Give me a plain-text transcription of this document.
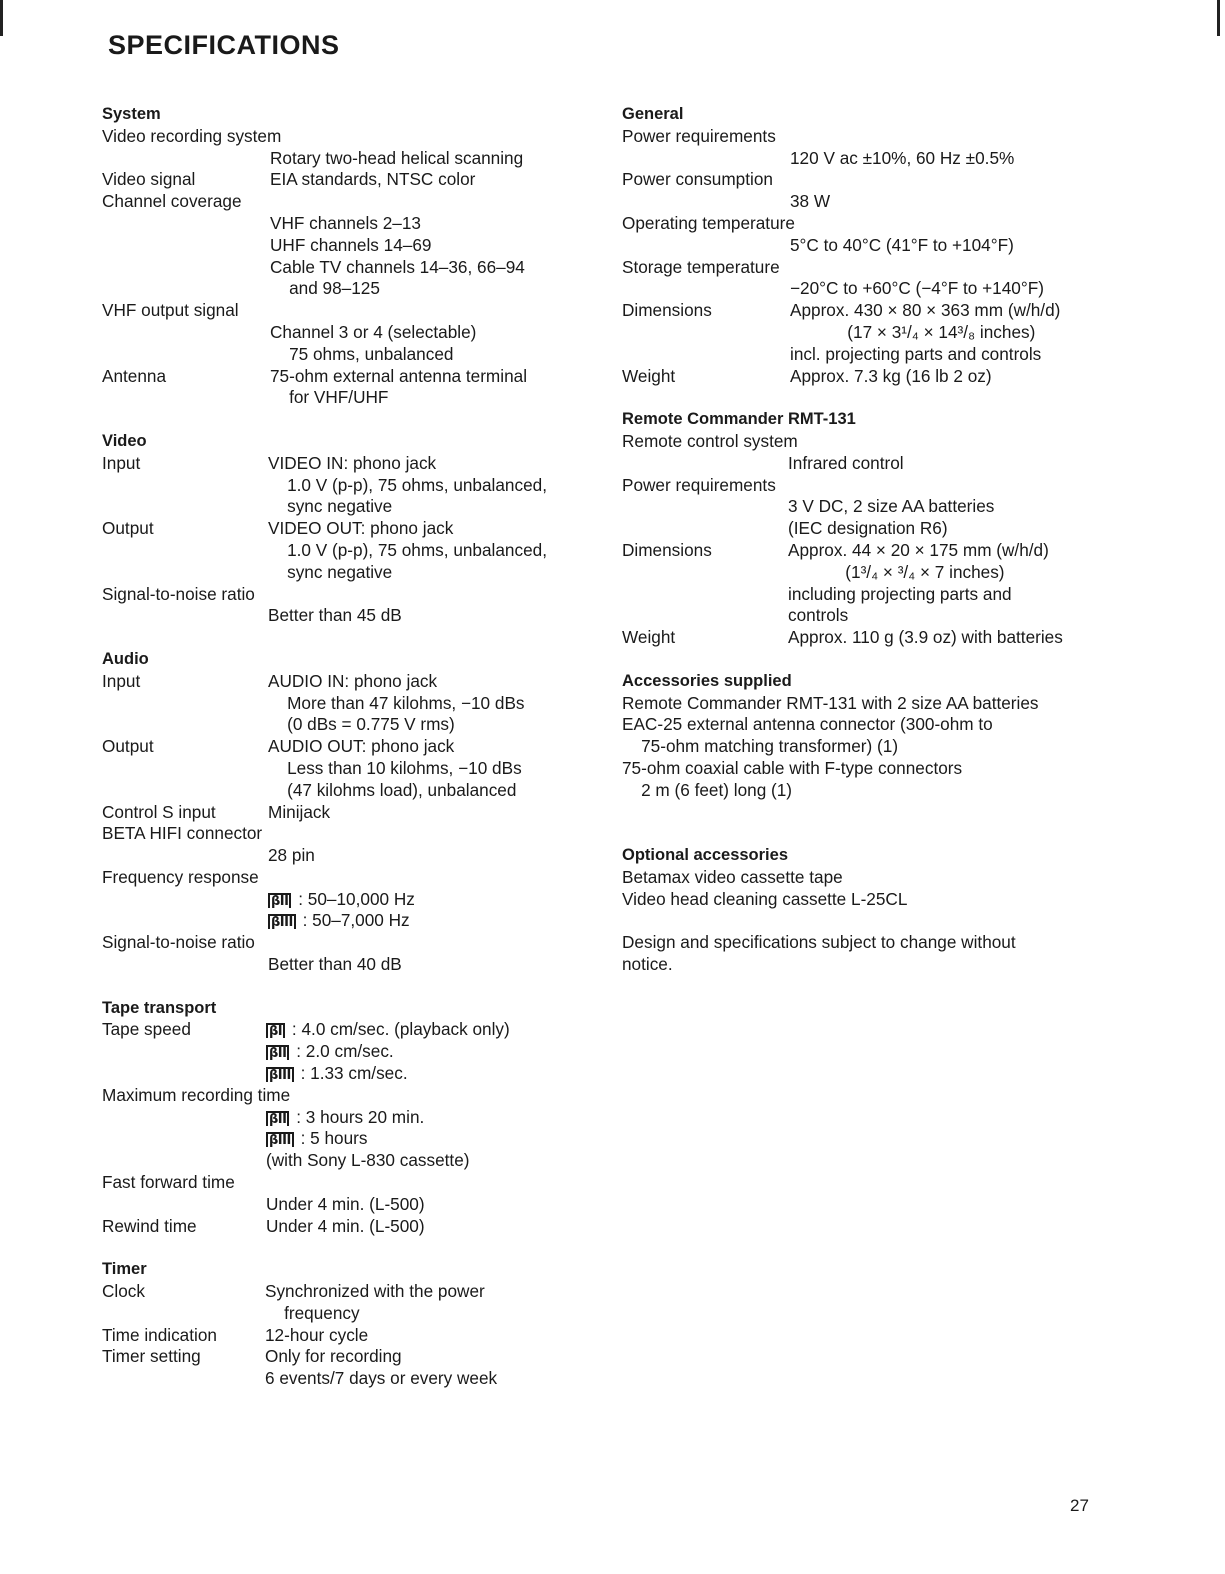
SPECIFICATIONS
System
Video recording system
Rotary two-head helical scanning
Video signal	EIA standards, NTSC color
Channel coverage
VHF channels 2–13
UHF channels 14–69
Cable TV channels 14–36, 66–94
and 98–125
VHF output signal
Channel 3 or 4 (selectable)
75 ohms, unbalanced
Antenna	75-ohm external antenna terminal
for VHF/UHF
Video
Input	VIDEO IN: phono jack
1.0 V (p-p), 75 ohms, unbalanced,
sync negative
Output	VIDEO OUT: phono jack
1.0 V (p-p), 75 ohms, unbalanced,
sync negative
Signal-to-noise ratio
Better than 45 dB
Audio
Input	AUDIO IN: phono jack
More than 47 kilohms, −10 dBs
(0 dBs = 0.775 V rms)
Output	AUDIO OUT: phono jack
Less than 10 kilohms, −10 dBs
(47 kilohms load), unbalanced
Control S input	Minijack
BETA HIFI connector
28 pin
Frequency response
βII : 50–10,000 Hz
βIII : 50–7,000 Hz
Signal-to-noise ratio
Better than 40 dB
Tape transport
Tape speed	βI : 4.0 cm/sec. (playback only)
βII : 2.0 cm/sec.
βIII : 1.33 cm/sec.
Maximum recording time
βII : 3 hours 20 min.
βIII : 5 hours
(with Sony L-830 cassette)
Fast forward time
Under 4 min. (L-500)
Rewind time	Under 4 min. (L-500)
Timer
Clock	Synchronized with the power
frequency
Time indication	12-hour cycle
Timer setting	Only for recording
6 events/7 days or every week
General
Power requirements
120 V ac ±10%, 60 Hz ±0.5%
Power consumption
38 W
Operating temperature
5°C to 40°C (41°F to +104°F)
Storage temperature
−20°C to +60°C (−4°F to +140°F)
Dimensions	Approx. 430 × 80 × 363 mm (w/h/d)
(17 × 3¹/₄ × 14³/₈ inches)
incl. projecting parts and controls
Weight	Approx. 7.3 kg (16 lb 2 oz)
Remote Commander RMT-131
Remote control system
Infrared control
Power requirements
3 V DC, 2 size AA batteries
(IEC designation R6)
Dimensions	Approx. 44 × 20 × 175 mm (w/h/d)
(1³/₄ × ³/₄ × 7 inches)
including projecting parts and
controls
Weight	Approx. 110 g (3.9 oz) with batteries
Accessories supplied
Remote Commander RMT-131 with 2 size AA batteries
EAC-25 external antenna connector (300-ohm to
75-ohm matching transformer) (1)
75-ohm coaxial cable with F-type connectors
2 m (6 feet) long (1)
Optional accessories
Betamax video cassette tape
Video head cleaning cassette L-25CL
Design and specifications subject to change without
notice.
27
